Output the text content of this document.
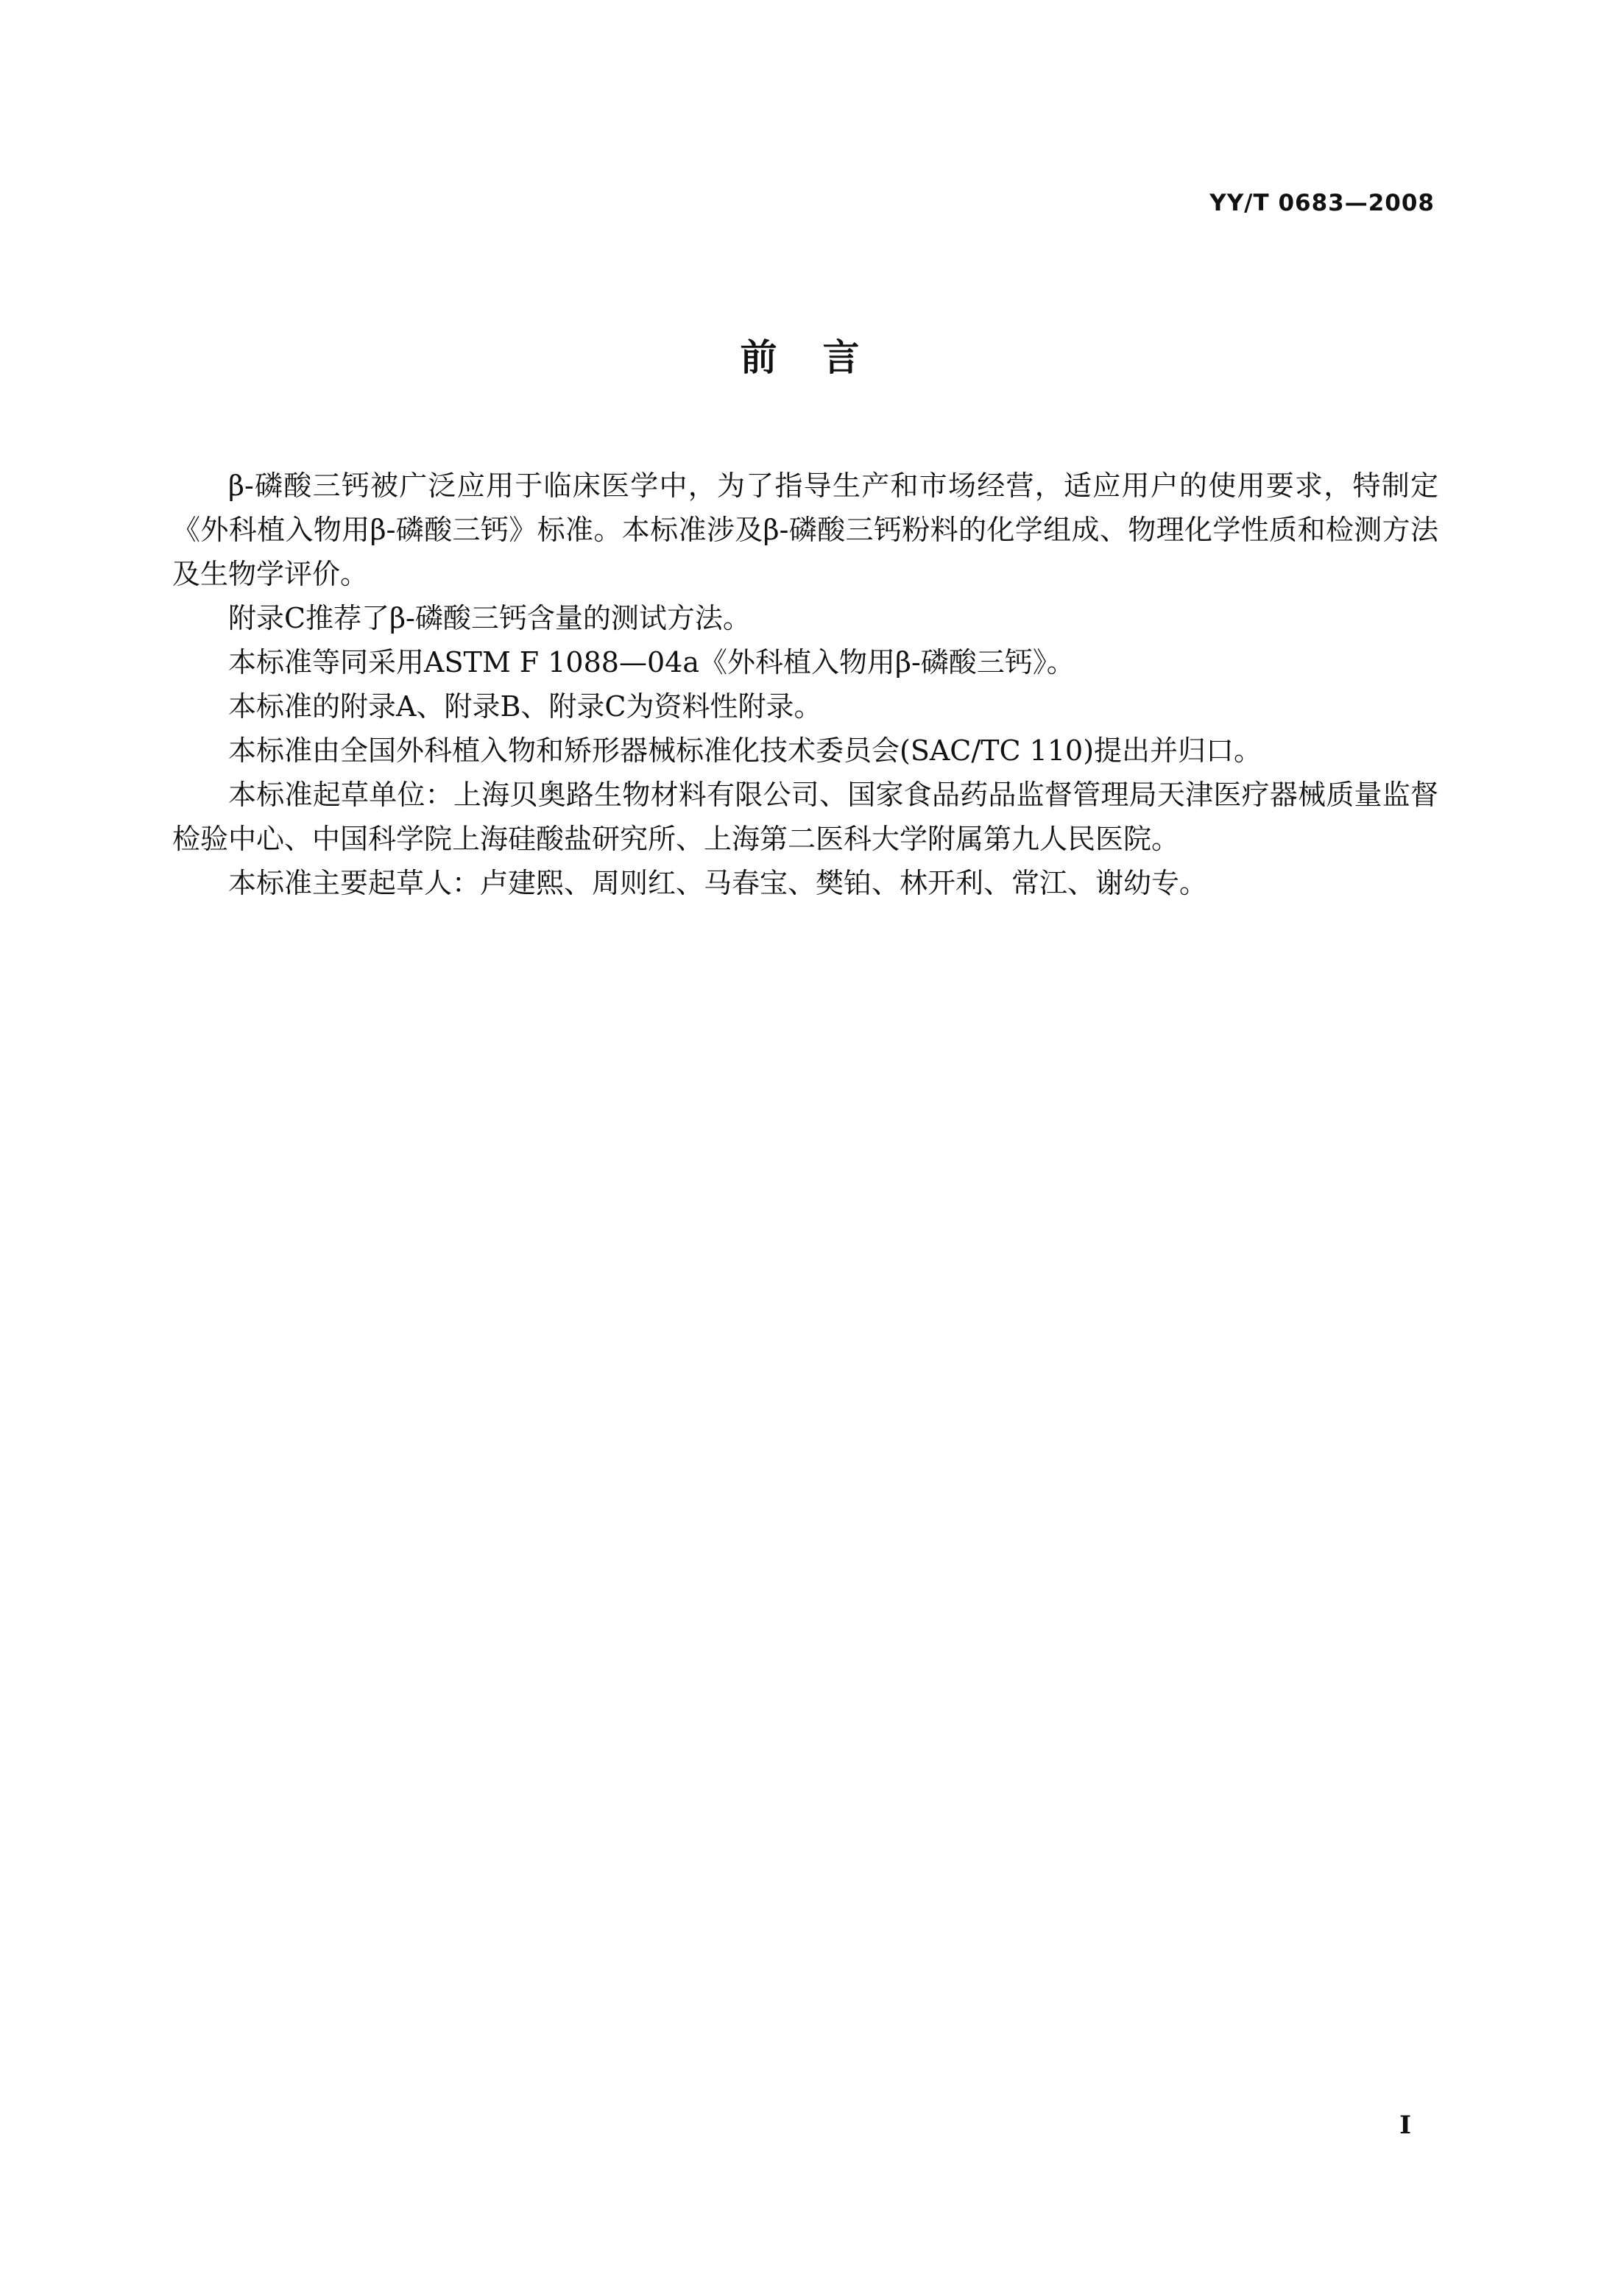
YY/T 0683—2008
前　言

β-磷酸三钙被广泛应用于临床医学中，为了指导生产和市场经营，适应用户的使用要求，特制定《外科植入物用β-磷酸三钙》标准。本标准涉及β-磷酸三钙粉料的化学组成、物理化学性质和检测方法及生物学评价。

附录C推荐了β-磷酸三钙含量的测试方法。

本标准等同采用ASTM F 1088—04a《外科植入物用β-磷酸三钙》。

本标准的附录A、附录B、附录C为资料性附录。

本标准由全国外科植入物和矫形器械标准化技术委员会(SAC/TC 110)提出并归口。

本标准起草单位：上海贝奥路生物材料有限公司、国家食品药品监督管理局天津医疗器械质量监督检验中心、中国科学院上海硅酸盐研究所、上海第二医科大学附属第九人民医院。

本标准主要起草人：卢建熙、周则红、马春宝、樊铂、林开利、常江、谢幼专。

I
